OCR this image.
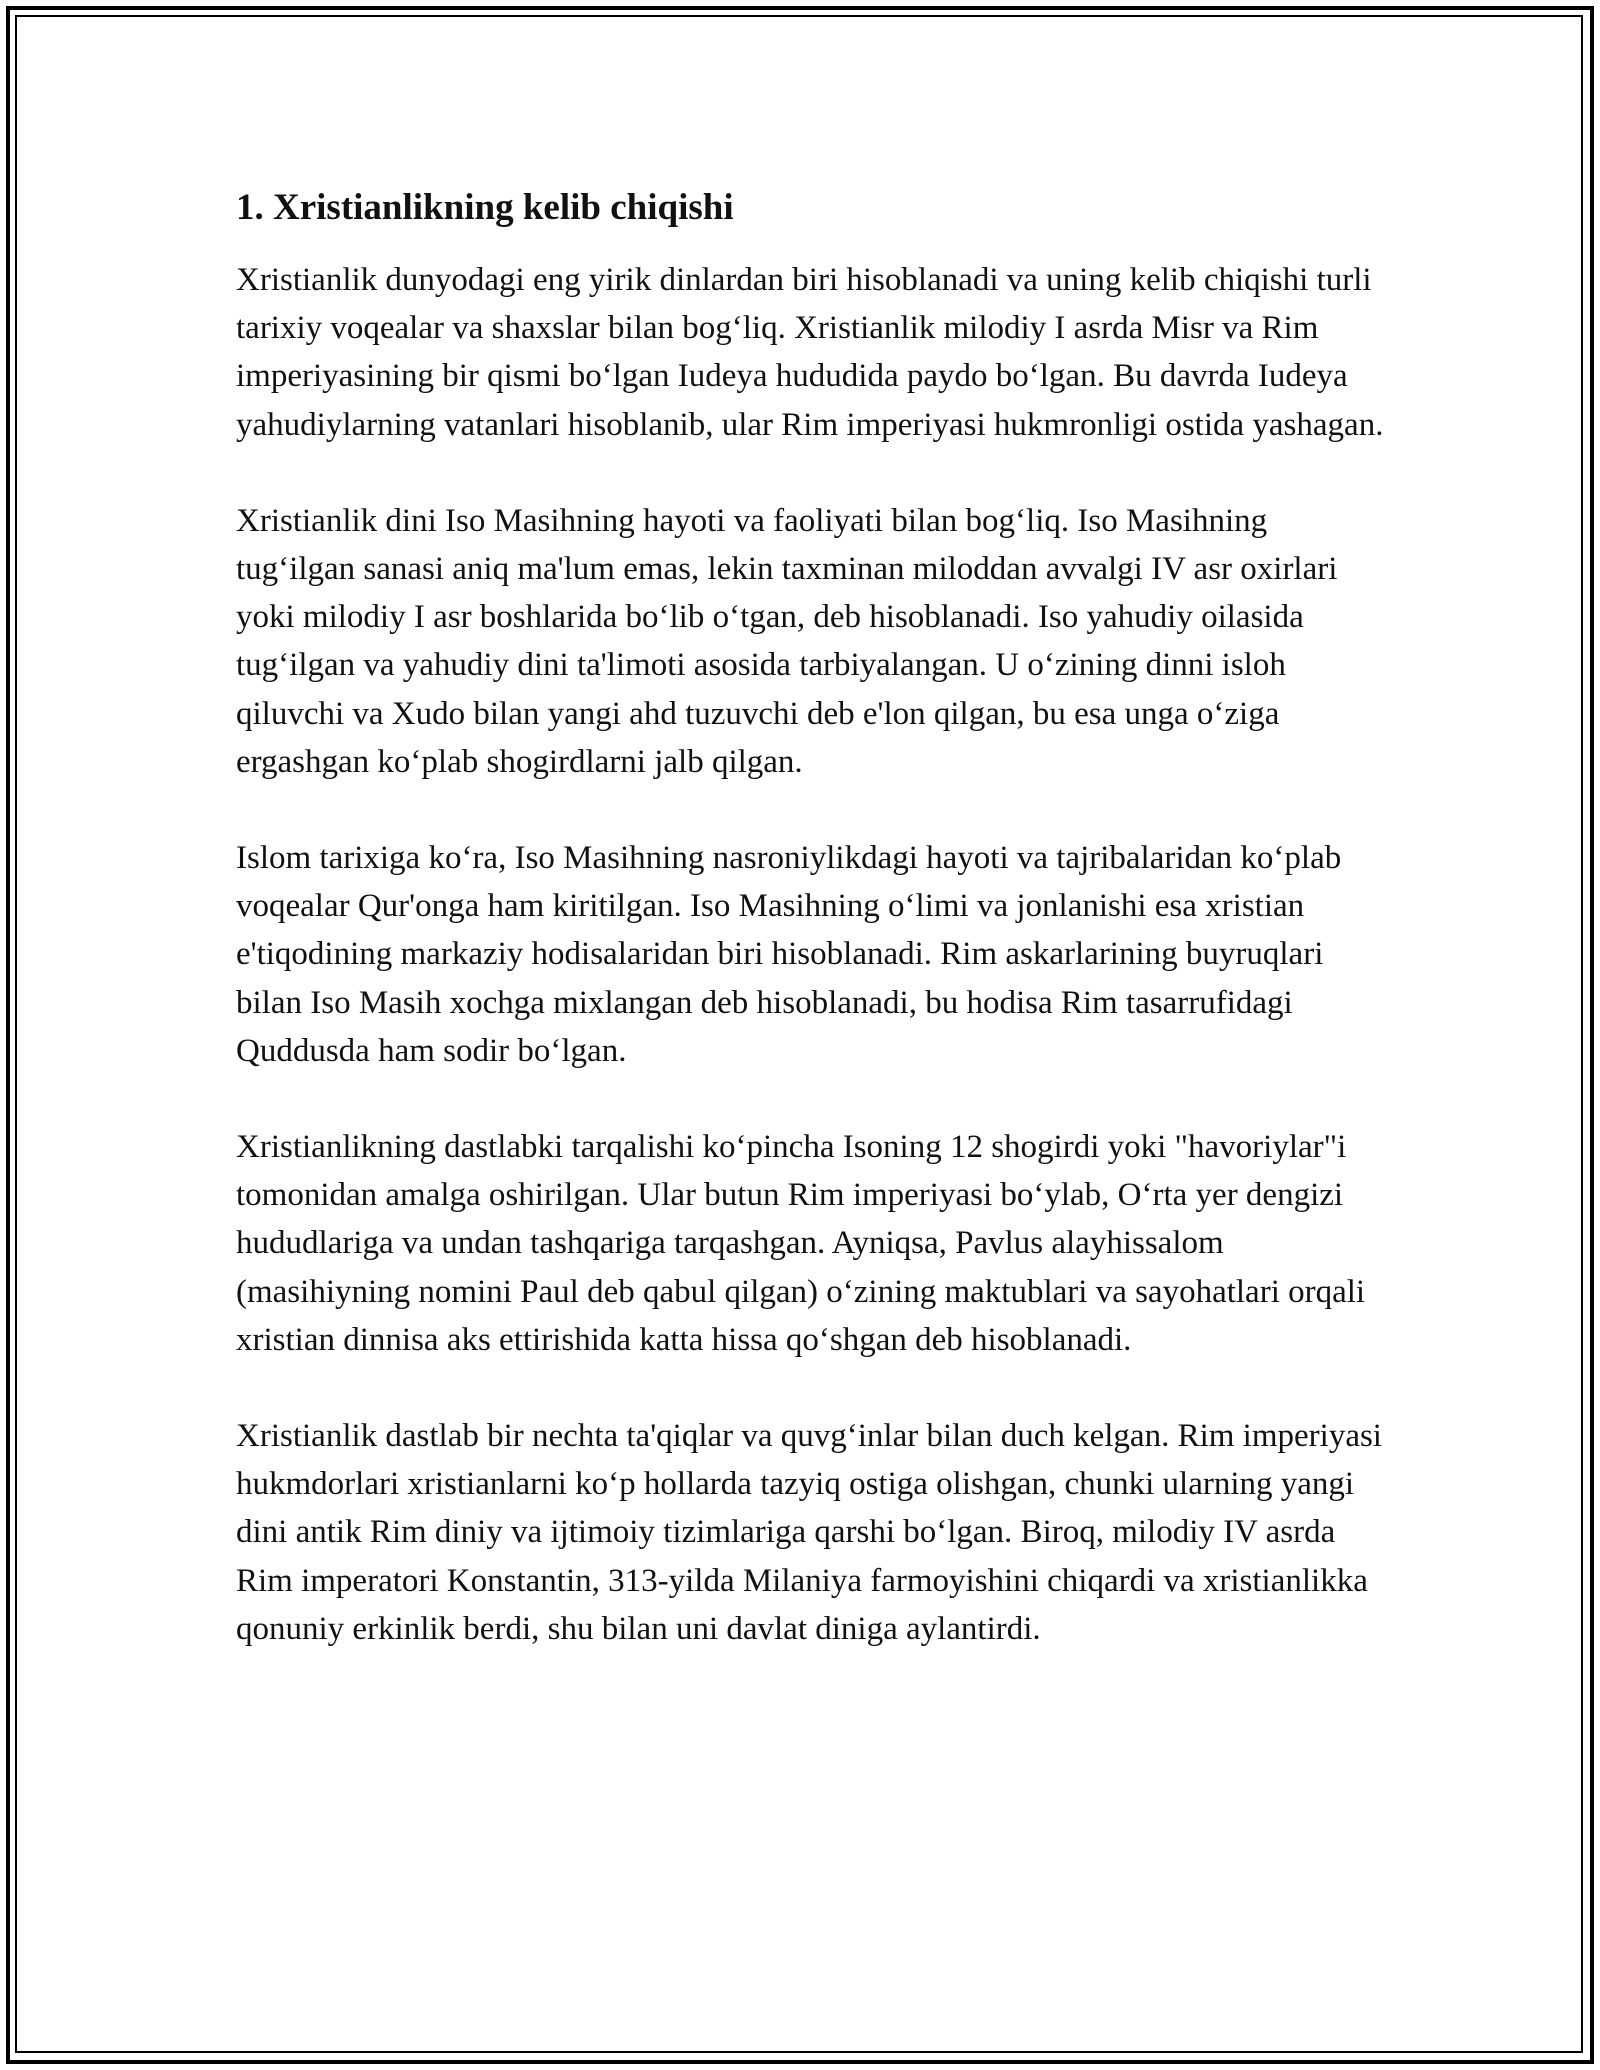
1. Xristianlikning kelib chiqishi

Xristianlik dunyodagi eng yirik dinlardan biri hisoblanadi va uning kelib chiqishi turli tarixiy voqealar va shaxslar bilan bog‘liq. Xristianlik milodiy I asrda Misr va Rim imperiyasining bir qismi bo‘lgan Iudeya hududida paydo bo‘lgan. Bu davrda Iudeya yahudiylarning vatanlari hisoblanib, ular Rim imperiyasi hukmronligi ostida yashagan.

Xristianlik dini Iso Masihning hayoti va faoliyati bilan bog‘liq. Iso Masihning tug‘ilgan sanasi aniq ma'lum emas, lekin taxminan miloddan avvalgi IV asr oxirlari yoki milodiy I asr boshlarida bo‘lib o‘tgan, deb hisoblanadi. Iso yahudiy oilasida tug‘ilgan va yahudiy dini ta'limoti asosida tarbiyalangan. U o‘zining dinni isloh qiluvchi va Xudo bilan yangi ahd tuzuvchi deb e'lon qilgan, bu esa unga o‘ziga ergashgan ko‘plab shogirdlarni jalb qilgan.

Islom tarixiga ko‘ra, Iso Masihning nasroniylikdagi hayoti va tajribalaridan ko‘plab voqealar Qur'onga ham kiritilgan. Iso Masihning o‘limi va jonlanishi esa xristian e'tiqodining markaziy hodisalaridan biri hisoblanadi. Rim askarlarining buyruqlari bilan Iso Masih xochga mixlangan deb hisoblanadi, bu hodisa Rim tasarrufidagi Quddusda ham sodir bo‘lgan.

Xristianlikning dastlabki tarqalishi ko‘pincha Isoning 12 shogirdi yoki "havoriylar"i tomonidan amalga oshirilgan. Ular butun Rim imperiyasi bo‘ylab, O‘rta yer dengizi hududlariga va undan tashqariga tarqashgan. Ayniqsa, Pavlus alayhissalom (masihiyning nomini Paul deb qabul qilgan) o‘zining maktublari va sayohatlari orqali xristian dinnisa aks ettirishida katta hissa qo‘shgan deb hisoblanadi.

Xristianlik dastlab bir nechta ta'qiqlar va quvg‘inlar bilan duch kelgan. Rim imperiyasi hukmdorlari xristianlarni ko‘p hollarda tazyiq ostiga olishgan, chunki ularning yangi dini antik Rim diniy va ijtimoiy tizimlariga qarshi bo‘lgan. Biroq, milodiy IV asrda Rim imperatori Konstantin, 313-yilda Milaniya farmoyishini chiqardi va xristianlikka qonuniy erkinlik berdi, shu bilan uni davlat diniga aylantirdi.
